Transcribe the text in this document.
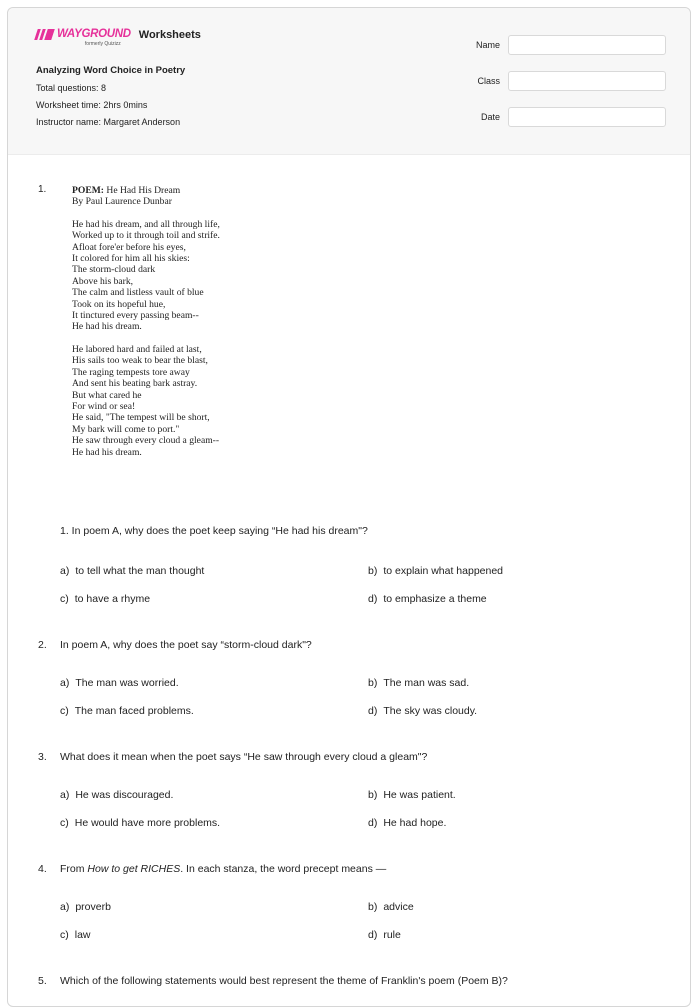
WAYGROUND
formerly Quizizz
Worksheets
Analyzing Word Choice in Poetry
Total questions: 8
Worksheet time: 2hrs 0mins
Instructor name: Margaret Anderson
Name
Class
Date
1.	POEM: He Had His Dream
By Paul Laurence Dunbar
He had his dream, and all through life,
Worked up to it through toil and strife.
Afloat fore'er before his eyes,
It colored for him all his skies:
The storm-cloud dark
Above his bark,
The calm and listless vault of blue
Took on its hopeful hue,
It tinctured every passing beam--
He had his dream.
He labored hard and failed at last,
His sails too weak to bear the blast,
The raging tempests tore away
And sent his beating bark astray.
But what cared he
For wind or sea!
He said, "The tempest will be short,
My bark will come to port."
He saw through every cloud a gleam--
He had his dream.
1. In poem A, why does the poet keep saying “He had his dream"?
a) to tell what the man thought	b) to explain what happened
c) to have a rhyme	d) to emphasize a theme
2. In poem A, why does the poet say “storm-cloud dark"?
a) The man was worried.	b) The man was sad.
c) The man faced problems.	d) The sky was cloudy.
3. What does it mean when the poet says “He saw through every cloud a gleam"?
a) He was discouraged.	b) He was patient.
c) He would have more problems.	d) He had hope.
4. From How to get RICHES. In each stanza, the word precept means —
a) proverb	b) advice
c) law	d) rule
5. Which of the following statements would best represent the theme of Franklin's poem (Poem B)?
